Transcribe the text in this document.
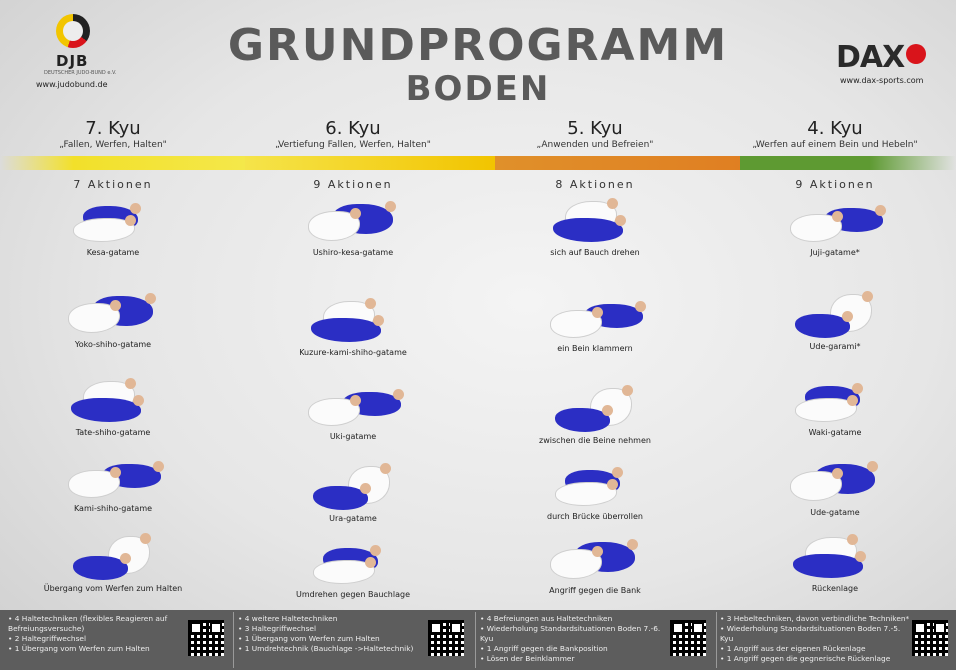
DJB
DEUTSCHER JUDO-BUND e.V.
www.judobund.de
GRUNDPROGRAMM
BODEN
DAX
www.dax-sports.com
7. Kyu
„Fallen, Werfen, Halten"
6. Kyu
„Vertiefung Fallen, Werfen, Halten"
5. Kyu
„Anwenden und Befreien"
4. Kyu
„Werfen auf einem Bein und Hebeln"
7 Aktionen	9 Aktionen	8 Aktionen	9 Aktionen
Kesa-gatame
Yoko-shiho-gatame
Tate-shiho-gatame
Kami-shiho-gatame
Übergang vom Werfen zum Halten
Ushiro-kesa-gatame
Kuzure-kami-shiho-gatame
Uki-gatame
Ura-gatame
Umdrehen gegen Bauchlage
sich auf Bauch drehen
ein Bein klammern
zwischen die Beine nehmen
durch Brücke überrollen
Angriff gegen die Bank
Juji-gatame*
Ude-garami*
Waki-gatame
Ude-gatame
Rückenlage
• 4 Haltetechniken (flexibles Reagieren auf Befreiungsversuche)
• 2 Haltegriffwechsel
• 1 Übergang vom Werfen zum Halten
• 4 weitere Haltetechniken
• 3 Haltegriffwechsel
• 1 Übergang vom Werfen zum Halten
• 1 Umdrehtechnik (Bauchlage ->Haltetechnik)
• 4 Befreiungen aus Haltetechniken
• Wiederholung Standardsituationen Boden 7.-6. Kyu
• 1 Angriff gegen die Bankposition
• Lösen der Beinklammer
• 3 Hebeltechniken, davon verbindliche Techniken*
• Wiederholung Standardsituationen Boden 7.-5. Kyu
• 1 Angriff aus der eigenen Rückenlage
• 1 Angriff gegen die gegnerische Rückenlage
